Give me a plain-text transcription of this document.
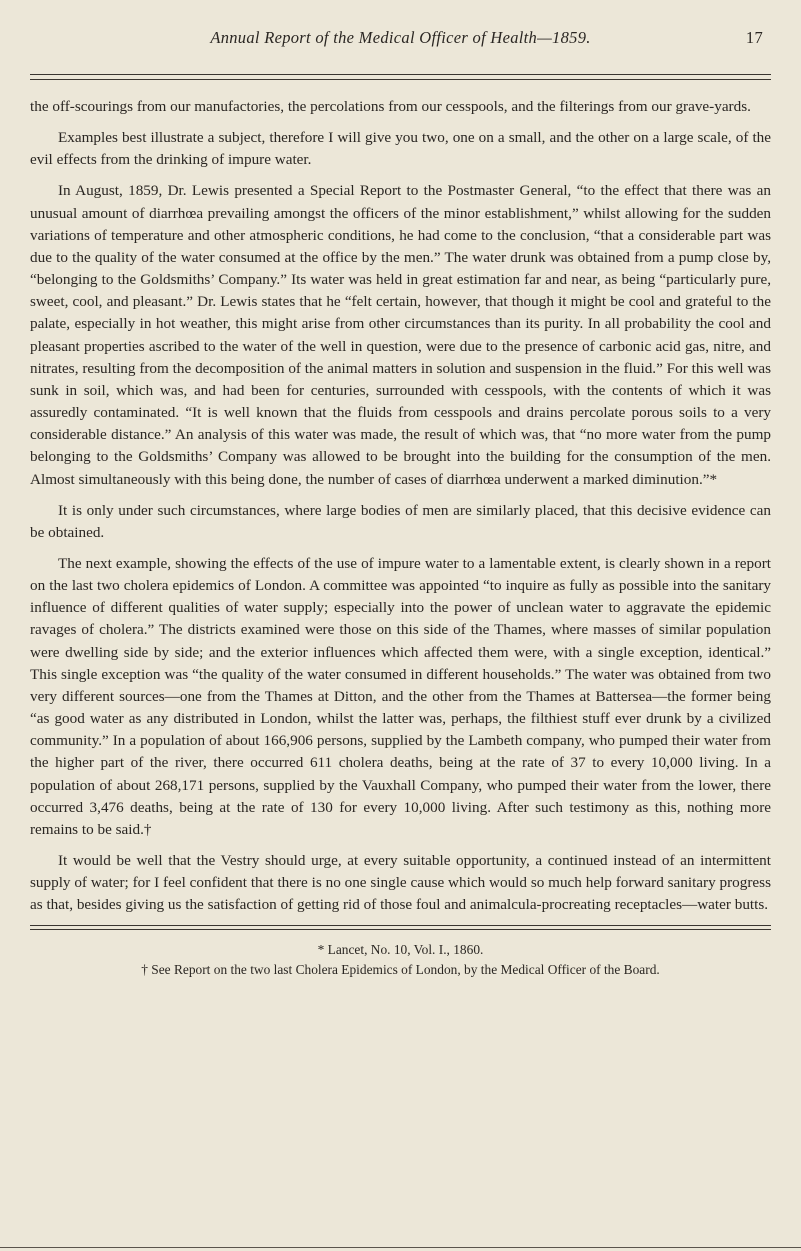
Annual Report of the Medical Officer of Health—1859.	17

the off-scourings from our manufactories, the percolations from our cesspools, and the filterings from our grave-yards.

Examples best illustrate a subject, therefore I will give you two, one on a small, and the other on a large scale, of the evil effects from the drinking of impure water.

In August, 1859, Dr. Lewis presented a Special Report to the Postmaster General, “to the effect that there was an unusual amount of diarrhœa prevailing amongst the officers of the minor establishment,” whilst allowing for the sudden variations of temperature and other atmospheric conditions, he had come to the conclusion, “that a considerable part was due to the quality of the water consumed at the office by the men.” The water drunk was obtained from a pump close by, “belonging to the Goldsmiths’ Company.” Its water was held in great estimation far and near, as being “particularly pure, sweet, cool, and pleasant.” Dr. Lewis states that he “felt certain, however, that though it might be cool and grateful to the palate, especially in hot weather, this might arise from other circumstances than its purity. In all probability the cool and pleasant properties ascribed to the water of the well in question, were due to the presence of carbonic acid gas, nitre, and nitrates, resulting from the decomposition of the animal matters in solution and suspension in the fluid.” For this well was sunk in soil, which was, and had been for centuries, surrounded with cesspools, with the contents of which it was assuredly contaminated. “It is well known that the fluids from cesspools and drains percolate porous soils to a very considerable distance.” An analysis of this water was made, the result of which was, that “no more water from the pump belonging to the Goldsmiths’ Company was allowed to be brought into the building for the consumption of the men. Almost simultaneously with this being done, the number of cases of diarrhœa underwent a marked diminution.”*

It is only under such circumstances, where large bodies of men are similarly placed, that this decisive evidence can be obtained.

The next example, showing the effects of the use of impure water to a lamentable extent, is clearly shown in a report on the last two cholera epidemics of London. A committee was appointed “to inquire as fully as possible into the sanitary influence of different qualities of water supply; especially into the power of unclean water to aggravate the epidemic ravages of cholera.” The districts examined were those on this side of the Thames, where masses of similar population were dwelling side by side; and the exterior influences which affected them were, with a single exception, identical.” This single exception was “the quality of the water consumed in different households.” The water was obtained from two very different sources—one from the Thames at Ditton, and the other from the Thames at Battersea—the former being “as good water as any distributed in London, whilst the latter was, perhaps, the filthiest stuff ever drunk by a civilized community.” In a population of about 166,906 persons, supplied by the Lambeth company, who pumped their water from the higher part of the river, there occurred 611 cholera deaths, being at the rate of 37 to every 10,000 living. In a population of about 268,171 persons, supplied by the Vauxhall Company, who pumped their water from the lower, there occurred 3,476 deaths, being at the rate of 130 for every 10,000 living. After such testimony as this, nothing more remains to be said.†

It would be well that the Vestry should urge, at every suitable opportunity, a continued instead of an intermittent supply of water; for I feel confident that there is no one single cause which would so much help forward sanitary progress as that, besides giving us the satisfaction of getting rid of those foul and animalcula-procreating receptacles—water butts.

* Lancet, No. 10, Vol. I., 1860.
† See Report on the two last Cholera Epidemics of London, by the Medical Officer of the Board.
